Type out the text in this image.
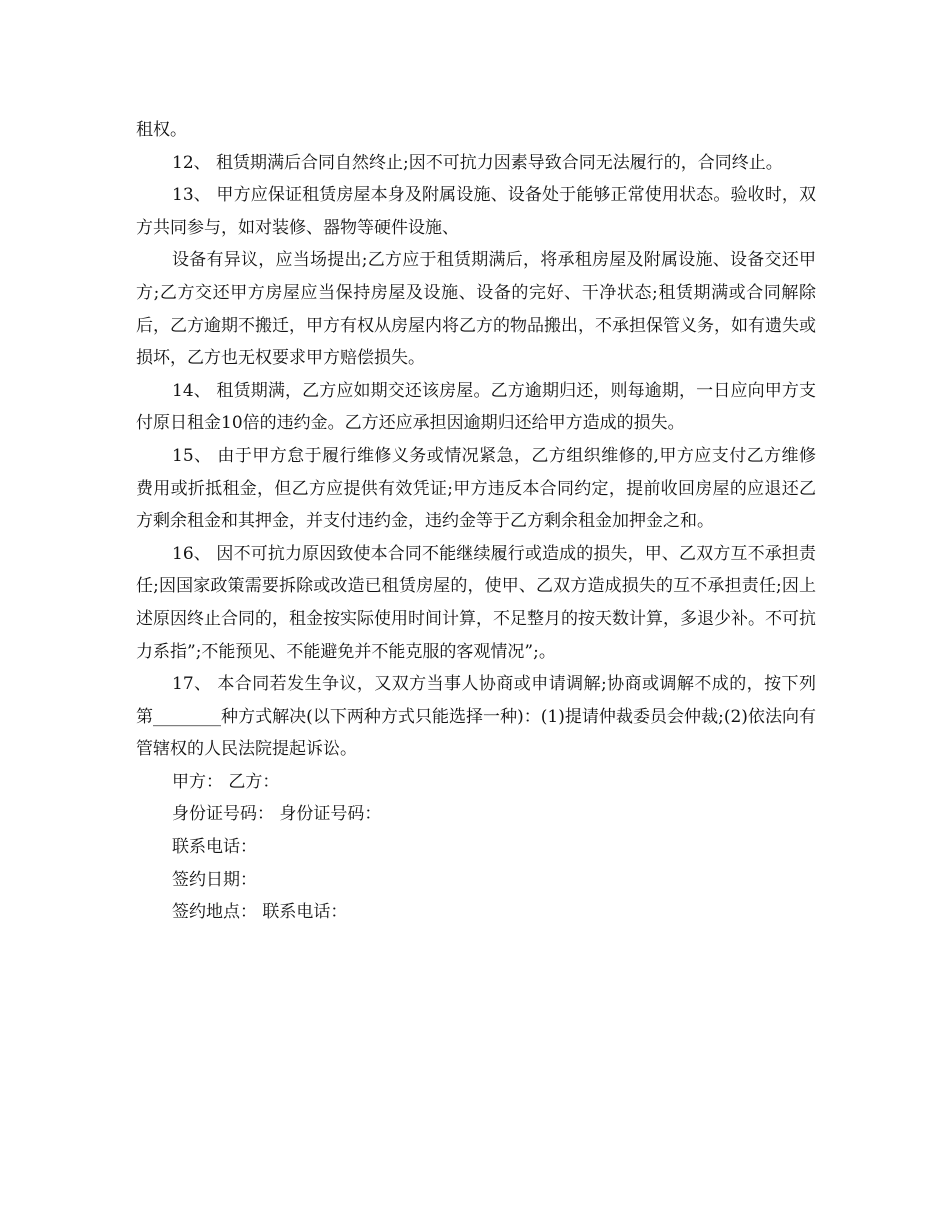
租权。

12、 租赁期满后合同自然终止;因不可抗力因素导致合同无法履行的，合同终止。

13、 甲方应保证租赁房屋本身及附属设施、设备处于能够正常使用状态。验收时，双方共同参与，如对装修、器物等硬件设施、

设备有异议，应当场提出;乙方应于租赁期满后，将承租房屋及附属设施、设备交还甲方;乙方交还甲方房屋应当保持房屋及设施、设备的完好、干净状态;租赁期满或合同解除后，乙方逾期不搬迁，甲方有权从房屋内将乙方的物品搬出，不承担保管义务，如有遗失或损坏，乙方也无权要求甲方赔偿损失。

14、 租赁期满，乙方应如期交还该房屋。乙方逾期归还，则每逾期，一日应向甲方支付原日租金10倍的违约金。乙方还应承担因逾期归还给甲方造成的损失。

15、 由于甲方怠于履行维修义务或情况紧急，乙方组织维修的,甲方应支付乙方维修费用或折抵租金，但乙方应提供有效凭证;甲方违反本合同约定，提前收回房屋的应退还乙方剩余租金和其押金，并支付违约金，违约金等于乙方剩余租金加押金之和。

16、 因不可抗力原因致使本合同不能继续履行或造成的损失，甲、乙双方互不承担责任;因国家政策需要拆除或改造已租赁房屋的，使甲、乙双方造成损失的互不承担责任;因上述原因终止合同的，租金按实际使用时间计算，不足整月的按天数计算，多退少补。不可抗力系指”;不能预见、不能避免并不能克服的客观情况”;。

17、 本合同若发生争议，又双方当事人协商或申请调解;协商或调解不成的，按下列第________种方式解决(以下两种方式只能选择一种)：(1)提请仲裁委员会仲裁;(2)依法向有管辖权的人民法院提起诉讼。

甲方： 乙方：
身份证号码： 身份证号码：
联系电话：
签约日期：
签约地点： 联系电话：
